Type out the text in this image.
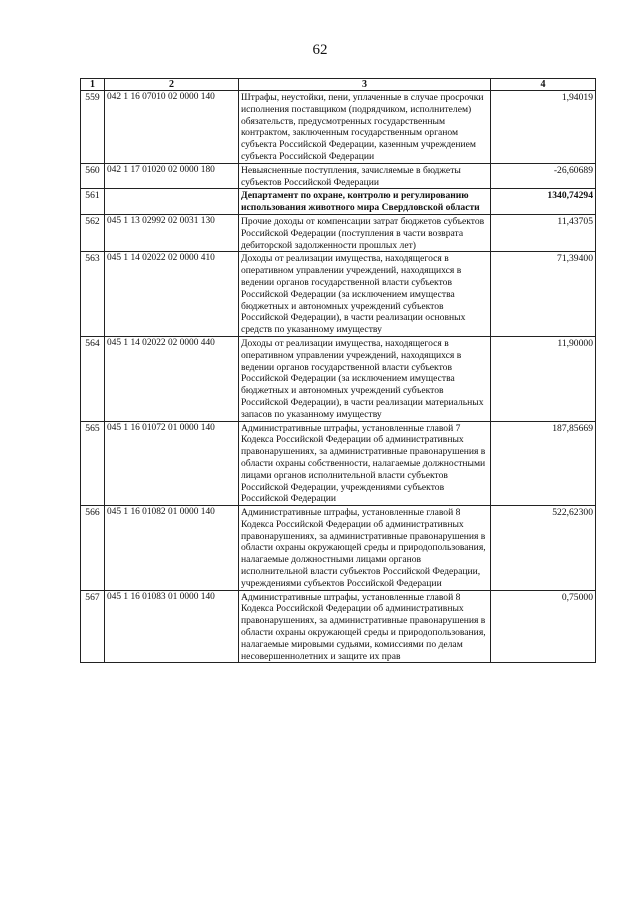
62
1	2	3	4
559	042 1 16 07010 02 0000 140	Штрафы, неустойки, пени, уплаченные в случае просрочки исполнения поставщиком (подрядчиком, исполнителем) обязательств, предусмотренных государственным контрактом, заключенным государственным органом субъекта Российской Федерации, казенным учреждением субъекта Российской Федерации	1,94019
560	042 1 17 01020 02 0000 180	Невыясненные поступления, зачисляемые в бюджеты субъектов Российской Федерации	-26,60689
561		Департамент по охране, контролю и регулированию использования животного мира Свердловской области	1340,74294
562	045 1 13 02992 02 0031 130	Прочие доходы от компенсации затрат бюджетов субъектов Российской Федерации (поступления в части возврата дебиторской задолженности прошлых лет)	11,43705
563	045 1 14 02022 02 0000 410	Доходы от реализации имущества, находящегося в оперативном управлении учреждений, находящихся в ведении органов государственной власти субъектов Российской Федерации (за исключением имущества бюджетных и автономных учреждений субъектов Российской Федерации), в части реализации основных средств по указанному имуществу	71,39400
564	045 1 14 02022 02 0000 440	Доходы от реализации имущества, находящегося в оперативном управлении учреждений, находящихся в ведении органов государственной власти субъектов Российской Федерации (за исключением имущества бюджетных и автономных учреждений субъектов Российской Федерации), в части реализации материальных запасов по указанному имуществу	11,90000
565	045 1 16 01072 01 0000 140	Административные штрафы, установленные главой 7 Кодекса Российской Федерации об административных правонарушениях, за административные правонарушения в области охраны собственности, налагаемые должностными лицами органов исполнительной власти субъектов Российской Федерации, учреждениями субъектов Российской Федерации	187,85669
566	045 1 16 01082 01 0000 140	Административные штрафы, установленные главой 8 Кодекса Российской Федерации об административных правонарушениях, за административные правонарушения в области охраны окружающей среды и природопользования, налагаемые должностными лицами органов исполнительной власти субъектов Российской Федерации, учреждениями субъектов Российской Федерации	522,62300
567	045 1 16 01083 01 0000 140	Административные штрафы, установленные главой 8 Кодекса Российской Федерации об административных правонарушениях, за административные правонарушения в области охраны окружающей среды и природопользования, налагаемые мировыми судьями, комиссиями по делам несовершеннолетних и защите их прав	0,75000
